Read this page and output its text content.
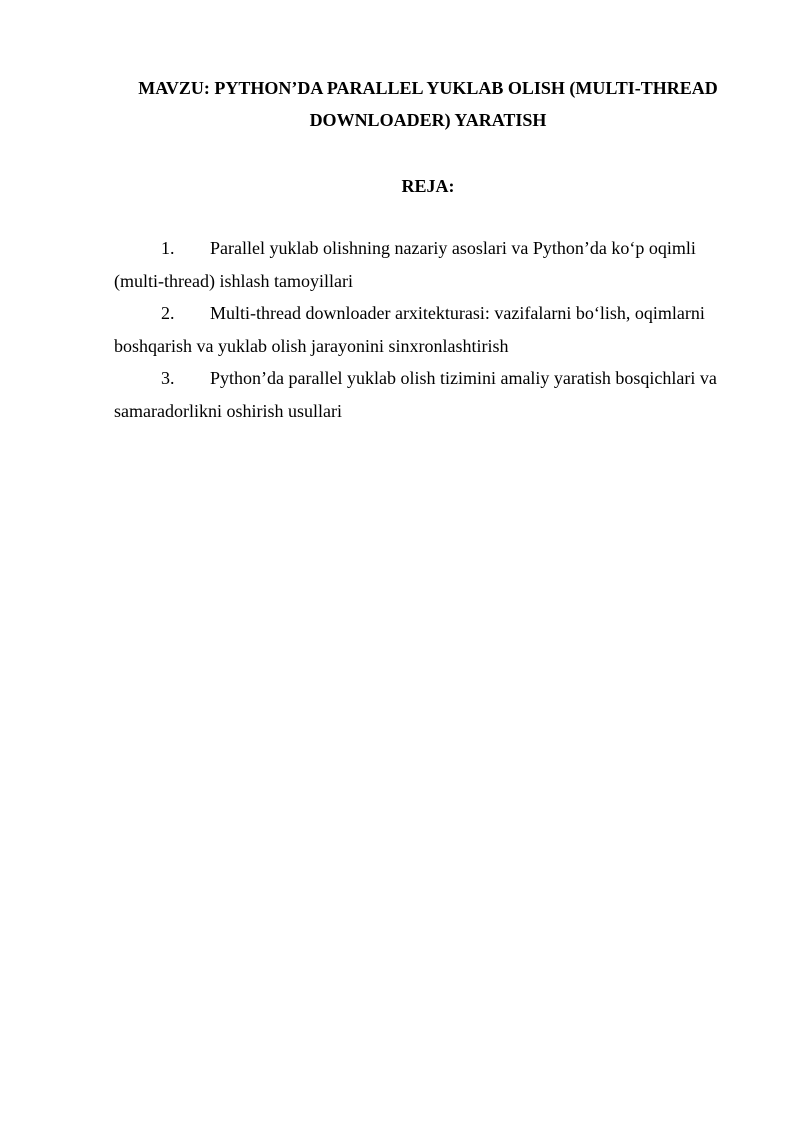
MAVZU: PYTHON’DA PARALLEL YUKLAB OLISH (MULTI-THREAD DOWNLOADER) YARATISH
REJA:
1. Parallel yuklab olishning nazariy asoslari va Python’da ko‘p oqimli (multi-thread) ishlash tamoyillari
2. Multi-thread downloader arxitekturasi: vazifalarni bo‘lish, oqimlarni boshqarish va yuklab olish jarayonini sinxronlashtirish
3. Python’da parallel yuklab olish tizimini amaliy yaratish bosqichlari va samaradorlikni oshirish usullari
